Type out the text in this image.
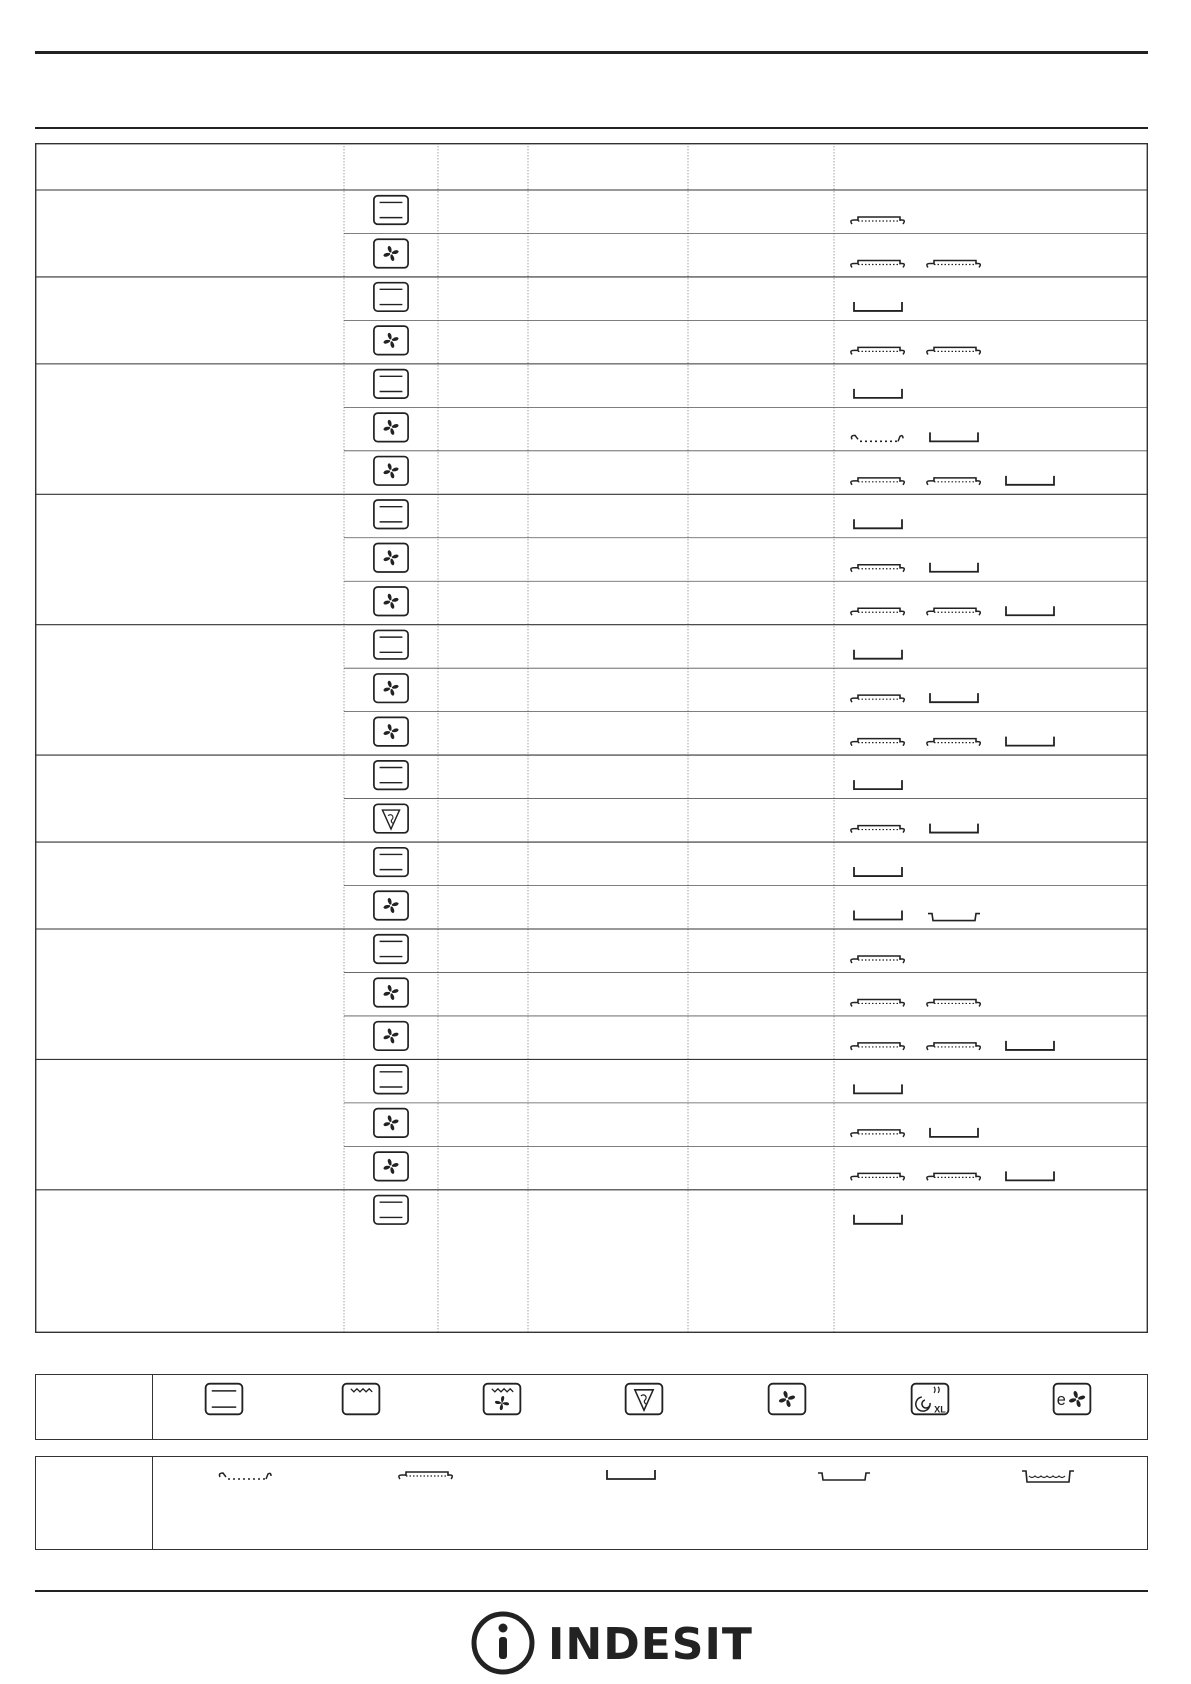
XL
e
INDESIT
